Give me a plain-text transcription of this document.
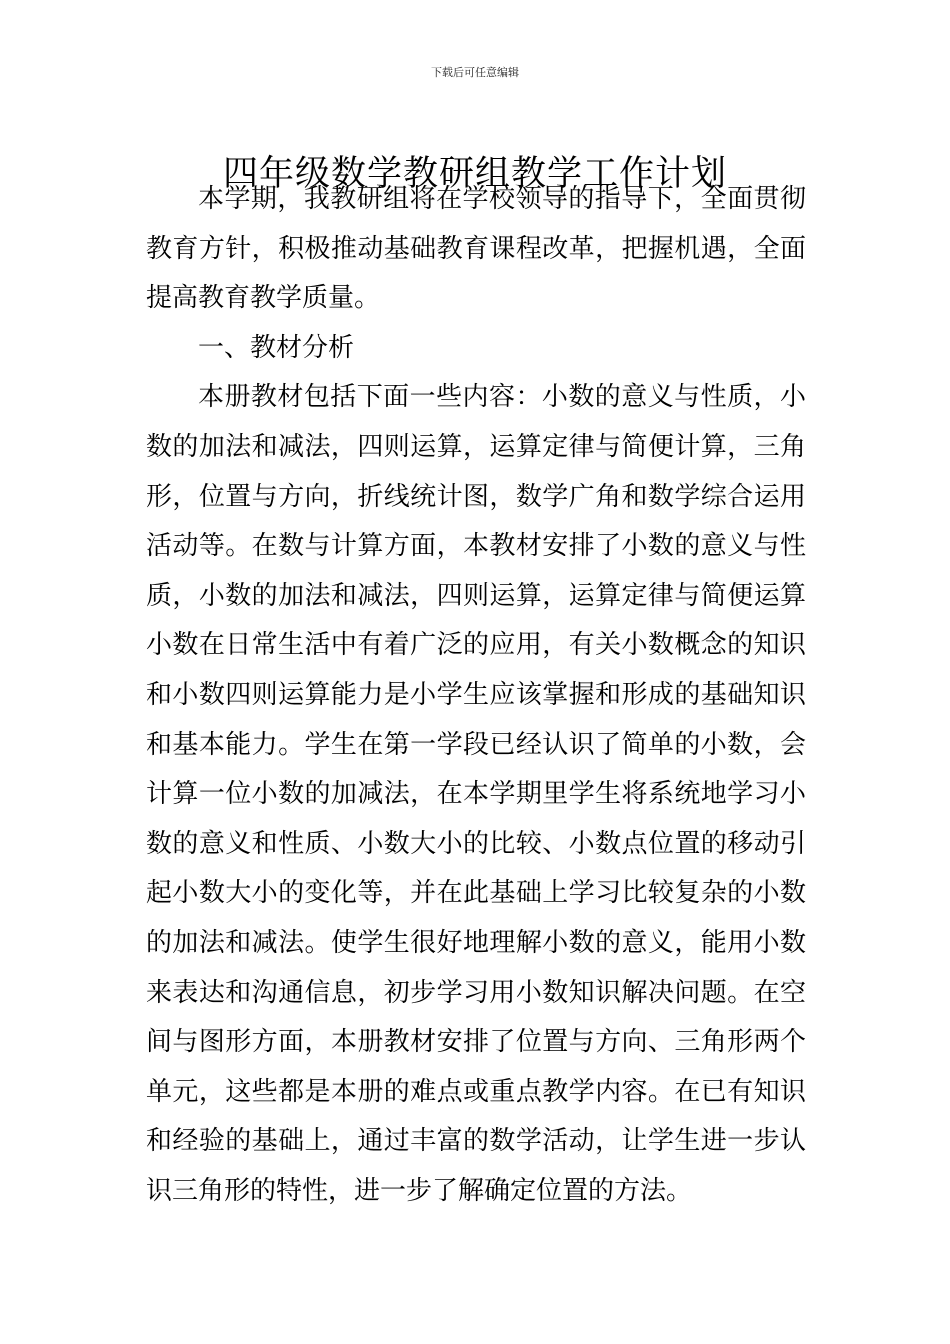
下载后可任意编辑
四年级数学教研组教学工作计划

本学期，我教研组将在学校领导的指导下，全面贯彻教育方针，积极推动基础教育课程改革，把握机遇，全面提高教育教学质量。

一、教材分析

本册教材包括下面一些内容：小数的意义与性质，小数的加法和减法，四则运算，运算定律与简便计算，三角形，位置与方向，折线统计图，数学广角和数学综合运用活动等。在数与计算方面，本教材安排了小数的意义与性质，小数的加法和减法，四则运算，运算定律与简便运算小数在日常生活中有着广泛的应用，有关小数概念的知识和小数四则运算能力是小学生应该掌握和形成的基础知识和基本能力。学生在第一学段已经认识了简单的小数，会计算一位小数的加减法，在本学期里学生将系统地学习小数的意义和性质、小数大小的比较、小数点位置的移动引起小数大小的变化等，并在此基础上学习比较复杂的小数的加法和减法。使学生很好地理解小数的意义，能用小数来表达和沟通信息，初步学习用小数知识解决问题。在空间与图形方面，本册教材安排了位置与方向、三角形两个单元，这些都是本册的难点或重点教学内容。在已有知识和经验的基础上，通过丰富的数学活动，让学生进一步认识三角形的特性，进一步了解确定位置的方法。
